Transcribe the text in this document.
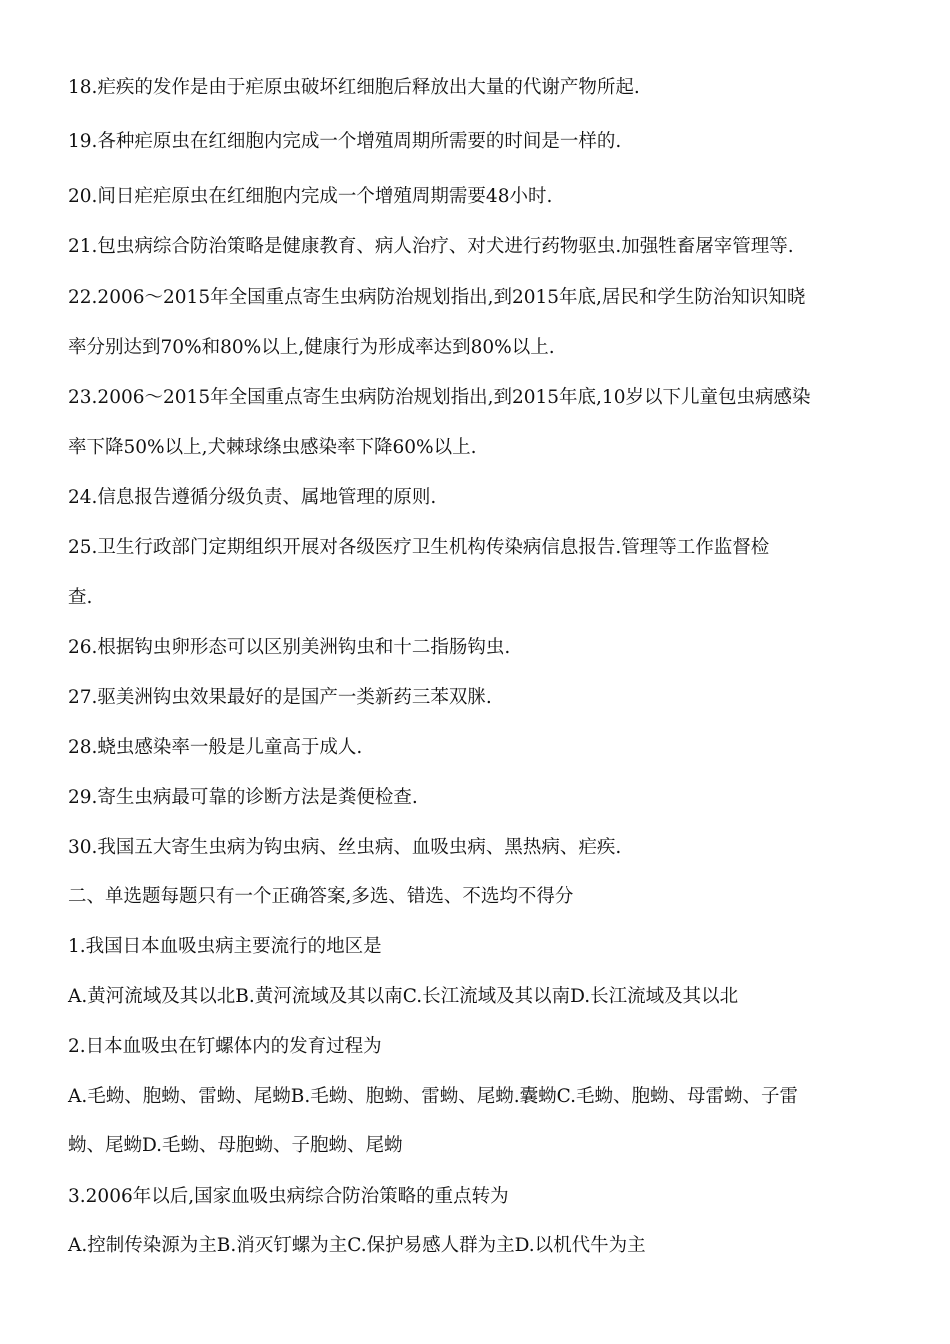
18.疟疾的发作是由于疟原虫破坏红细胞后释放出大量的代谢产物所起.

19.各种疟原虫在红细胞内完成一个增殖周期所需要的时间是一样的.

20.间日疟疟原虫在红细胞内完成一个增殖周期需要48小时.

21.包虫病综合防治策略是健康教育、病人治疗、对犬进行药物驱虫.加强牲畜屠宰管理等.

22.2006～2015年全国重点寄生虫病防治规划指出,到2015年底,居民和学生防治知识知晓

率分别达到70%和80%以上,健康行为形成率达到80%以上.

23.2006～2015年全国重点寄生虫病防治规划指出,到2015年底,10岁以下儿童包虫病感染

率下降50%以上,犬棘球绦虫感染率下降60%以上.

24.信息报告遵循分级负责、属地管理的原则.

25.卫生行政部门定期组织开展对各级医疗卫生机构传染病信息报告.管理等工作监督检

查.

26.根据钩虫卵形态可以区别美洲钩虫和十二指肠钩虫.

27.驱美洲钩虫效果最好的是国产一类新药三苯双脒.

28.蛲虫感染率一般是儿童高于成人.

29.寄生虫病最可靠的诊断方法是粪便检查.

30.我国五大寄生虫病为钩虫病、丝虫病、血吸虫病、黑热病、疟疾.

二、单选题每题只有一个正确答案,多选、错选、不选均不得分

1.我国日本血吸虫病主要流行的地区是

A.黄河流域及其以北B.黄河流域及其以南C.长江流域及其以南D.长江流域及其以北

2.日本血吸虫在钉螺体内的发育过程为

A.毛蚴、胞蚴、雷蚴、尾蚴B.毛蚴、胞蚴、雷蚴、尾蚴.囊蚴C.毛蚴、胞蚴、母雷蚴、子雷

蚴、尾蚴D.毛蚴、母胞蚴、子胞蚴、尾蚴

3.2006年以后,国家血吸虫病综合防治策略的重点转为

A.控制传染源为主B.消灭钉螺为主C.保护易感人群为主D.以机代牛为主
